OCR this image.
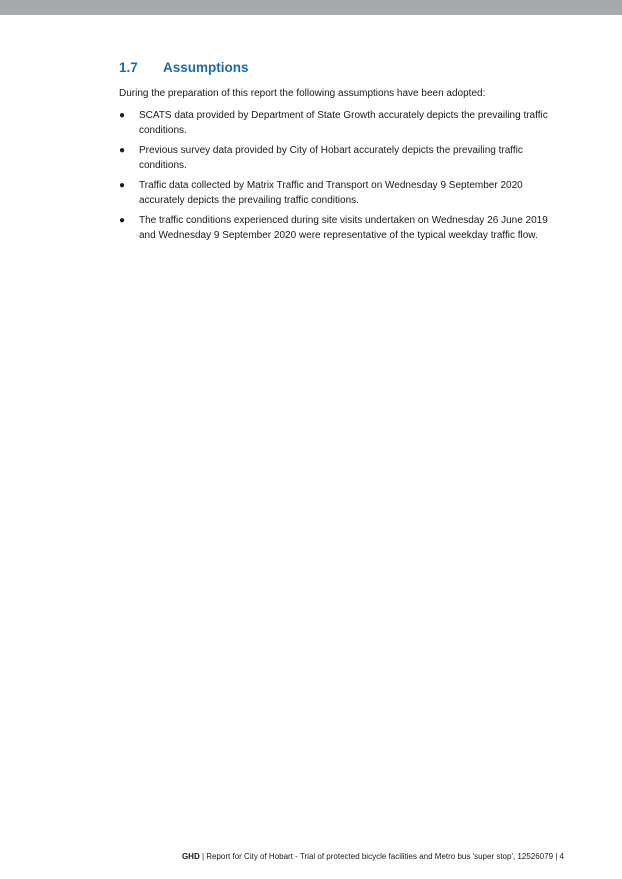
1.7	Assumptions

During the preparation of this report the following assumptions have been adopted:

●	SCATS data provided by Department of State Growth accurately depicts the prevailing traffic conditions.
●	Previous survey data provided by City of Hobart accurately depicts the prevailing traffic conditions.
●	Traffic data collected by Matrix Traffic and Transport on Wednesday 9 September 2020 accurately depicts the prevailing traffic conditions.
●	The traffic conditions experienced during site visits undertaken on Wednesday 26 June 2019 and Wednesday 9 September 2020 were representative of the typical weekday traffic flow.
GHD | Report for City of Hobart - Trial of protected bicycle facilities and Metro bus 'super stop', 12526079 | 4
